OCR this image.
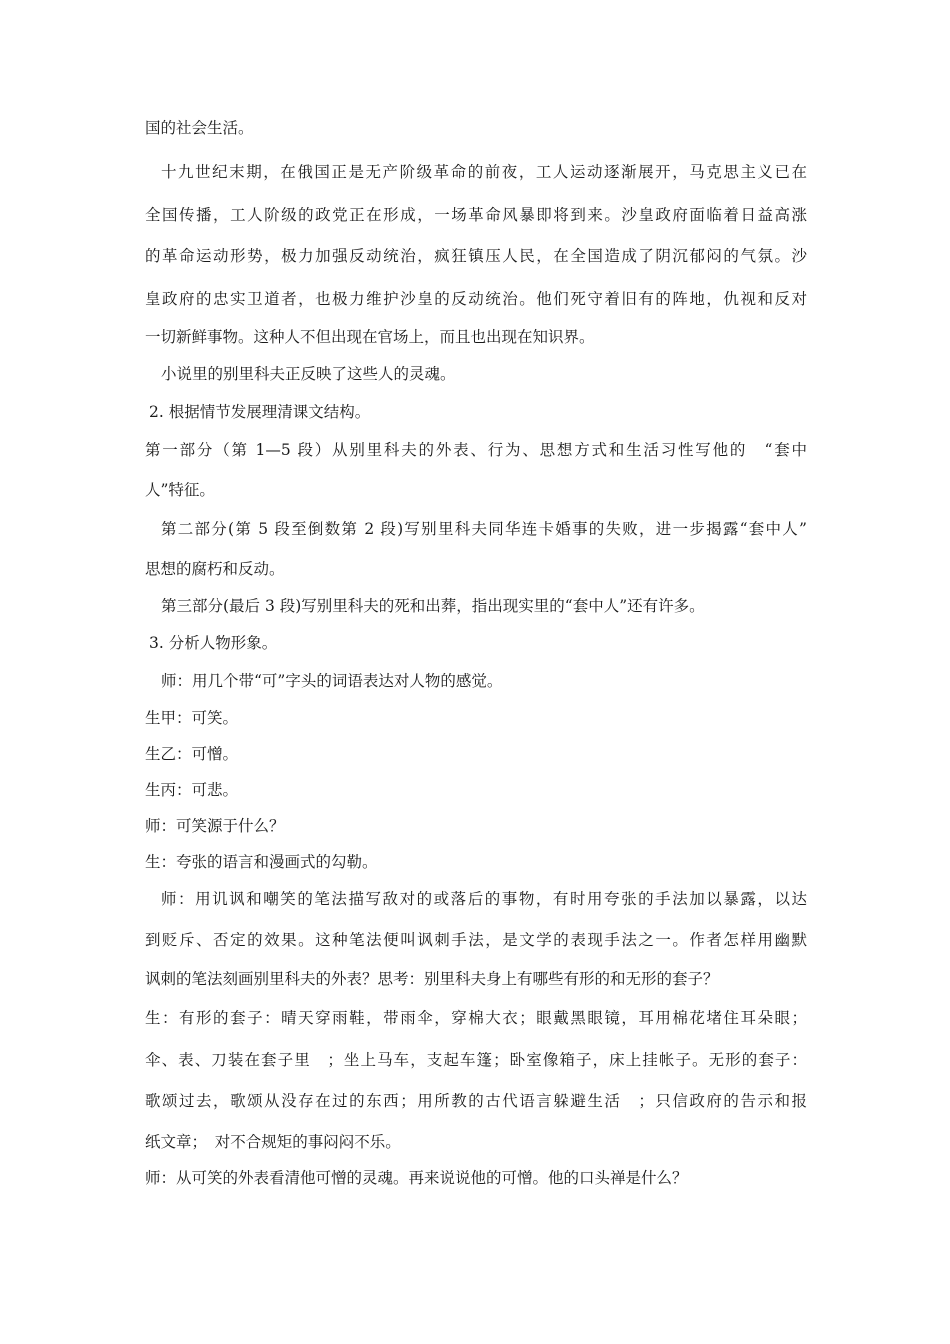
国的社会生活。
十九世纪末期，在俄国正是无产阶级革命的前夜，工人运动逐渐展开，马克思主义已在
全国传播，工人阶级的政党正在形成，一场革命风暴即将到来。沙皇政府面临着日益高涨
的革命运动形势，极力加强反动统治，疯狂镇压人民，在全国造成了阴沉郁闷的气氛。沙
皇政府的忠实卫道者，也极力维护沙皇的反动统治。他们死守着旧有的阵地，仇视和反对
一切新鲜事物。这种人不但出现在官场上，而且也出现在知识界。
小说里的别里科夫正反映了这些人的灵魂。
2. 根据情节发展理清课文结构。
第一部分（第 1—5 段）从别里科夫的外表、行为、思想方式和生活习性写他的　“套中
人”特征。
第二部分(第 5 段至倒数第 2 段)写别里科夫同华连卡婚事的失败，进一步揭露“套中人”
思想的腐朽和反动。
第三部分(最后 3 段)写别里科夫的死和出葬，指出现实里的“套中人”还有许多。
3. 分析人物形象。
师：用几个带“可”字头的词语表达对人物的感觉。
生甲：可笑。
生乙：可憎。
生丙：可悲。
师：可笑源于什么？
生：夸张的语言和漫画式的勾勒。
师：用讥讽和嘲笑的笔法描写敌对的或落后的事物，有时用夸张的手法加以暴露，以达
到贬斥、否定的效果。这种笔法便叫讽刺手法，是文学的表现手法之一。作者怎样用幽默
讽刺的笔法刻画别里科夫的外表？思考：别里科夫身上有哪些有形的和无形的套子？
生：有形的套子：晴天穿雨鞋，带雨伞，穿棉大衣；眼戴黑眼镜，耳用棉花堵住耳朵眼；
伞、表、刀装在套子里　；坐上马车，支起车篷；卧室像箱子，床上挂帐子。无形的套子：
歌颂过去，歌颂从没存在过的东西；用所教的古代语言躲避生活　；只信政府的告示和报
纸文章；　对不合规矩的事闷闷不乐。
师：从可笑的外表看清他可憎的灵魂。再来说说他的可憎。他的口头禅是什么？
